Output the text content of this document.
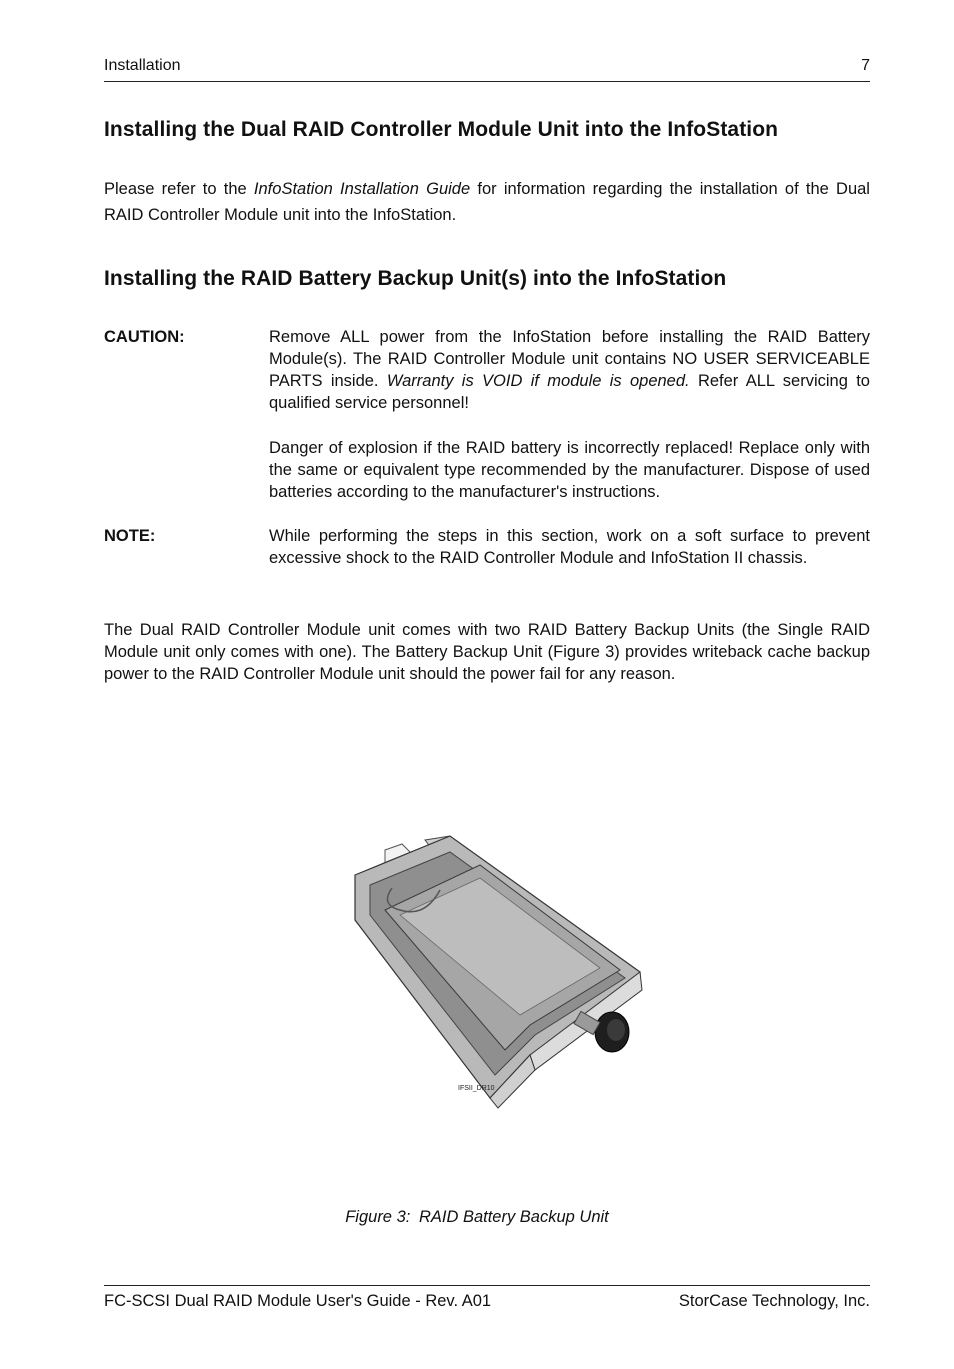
Installation	7
Installing the Dual RAID Controller Module Unit into the InfoStation

Please refer to the InfoStation Installation Guide for information regarding the installation of the Dual RAID Controller Module unit into the InfoStation.

Installing the RAID Battery Backup Unit(s) into the InfoStation
CAUTION:	Remove ALL power from the InfoStation before installing the RAID Battery Module(s). The RAID Controller Module unit contains NO USER SERVICEABLE PARTS inside. Warranty is VOID if module is opened. Refer ALL servicing to qualified service personnel!

Danger of explosion if the RAID battery is incorrectly replaced! Replace only with the same or equivalent type recommended by the manufacturer. Dispose of used batteries according to the manufacturer's instructions.

NOTE:	While performing the steps in this section, work on a soft surface to prevent excessive shock to the RAID Controller Module and InfoStation II chassis.

The Dual RAID Controller Module unit comes with two RAID Battery Backup Units (the Single RAID Module unit only comes with one). The Battery Backup Unit (Figure 3) provides writeback cache backup power to the RAID Controller Module unit should the power fail for any reason.

IFSII_DR10
Figure 3: RAID Battery Backup Unit
FC-SCSI Dual RAID Module User's Guide - Rev. A01	StorCase Technology, Inc.
